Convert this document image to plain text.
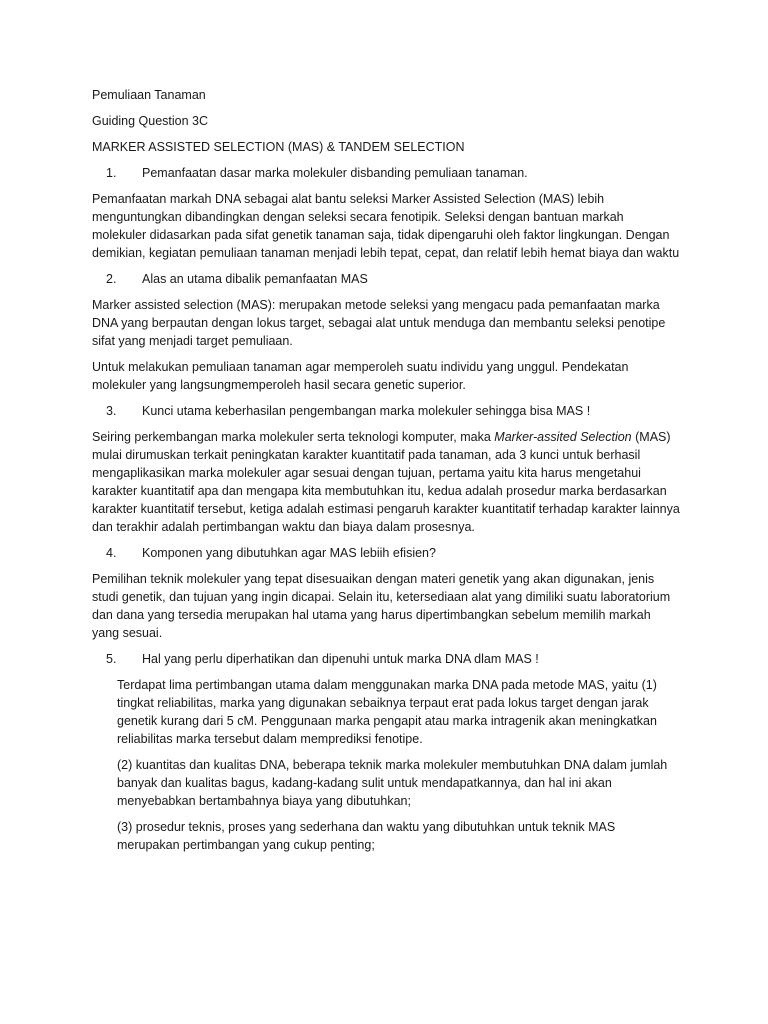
Pemuliaan Tanaman

Guiding Question 3C

MARKER ASSISTED SELECTION (MAS) & TANDEM SELECTION

1.	Pemanfaatan dasar marka molekuler disbanding pemuliaan tanaman.

Pemanfaatan markah DNA sebagai alat bantu seleksi Marker Assisted Selection (MAS) lebih menguntungkan dibandingkan dengan seleksi secara fenotipik. Seleksi dengan bantuan markah molekuler didasarkan pada sifat genetik tanaman saja, tidak dipengaruhi oleh faktor lingkungan. Dengan demikian, kegiatan pemuliaan tanaman menjadi lebih tepat, cepat, dan relatif lebih hemat biaya dan waktu

2.	Alas an utama dibalik pemanfaatan MAS

Marker assisted selection (MAS): merupakan metode seleksi yang mengacu pada pemanfaatan marka DNA yang berpautan dengan lokus target, sebagai alat untuk menduga dan membantu seleksi penotipe sifat yang menjadi target pemuliaan.

Untuk melakukan pemuliaan tanaman agar memperoleh suatu individu yang unggul. Pendekatan molekuler yang langsungmemperoleh hasil secara genetic superior.

3.	Kunci utama keberhasilan pengembangan marka molekuler sehingga bisa MAS !

Seiring perkembangan marka molekuler serta teknologi komputer, maka Marker-assited Selection (MAS) mulai dirumuskan terkait peningkatan karakter kuantitatif pada tanaman, ada 3 kunci untuk berhasil mengaplikasikan marka molekuler agar sesuai dengan tujuan, pertama yaitu kita harus mengetahui karakter kuantitatif apa dan mengapa kita membutuhkan itu, kedua adalah prosedur marka berdasarkan karakter kuantitatif tersebut, ketiga adalah estimasi pengaruh karakter kuantitatif terhadap karakter lainnya dan terakhir adalah pertimbangan waktu dan biaya dalam prosesnya.

4.	Komponen yang dibutuhkan agar MAS lebiih efisien?

Pemilihan teknik molekuler yang tepat disesuaikan dengan materi genetik yang akan digunakan, jenis studi genetik, dan tujuan yang ingin dicapai. Selain itu, ketersediaan alat yang dimiliki suatu laboratorium dan dana yang tersedia merupakan hal utama yang harus dipertimbangkan sebelum memilih markah yang sesuai.

5.	Hal yang perlu diperhatikan dan dipenuhi untuk marka DNA dlam MAS !

Terdapat lima pertimbangan utama dalam menggunakan marka DNA pada metode MAS, yaitu (1) tingkat reliabilitas, marka yang digunakan sebaiknya terpaut erat pada lokus target dengan jarak genetik kurang dari 5 cM. Penggunaan marka pengapit atau marka intragenik akan meningkatkan reliabilitas marka tersebut dalam memprediksi fenotipe.

(2) kuantitas dan kualitas DNA, beberapa teknik marka molekuler membutuhkan DNA dalam jumlah banyak dan kualitas bagus, kadang-kadang sulit untuk mendapatkannya, dan hal ini akan menyebabkan bertambahnya biaya yang dibutuhkan;

(3) prosedur teknis, proses yang sederhana dan waktu yang dibutuhkan untuk teknik MAS merupakan pertimbangan yang cukup penting;
